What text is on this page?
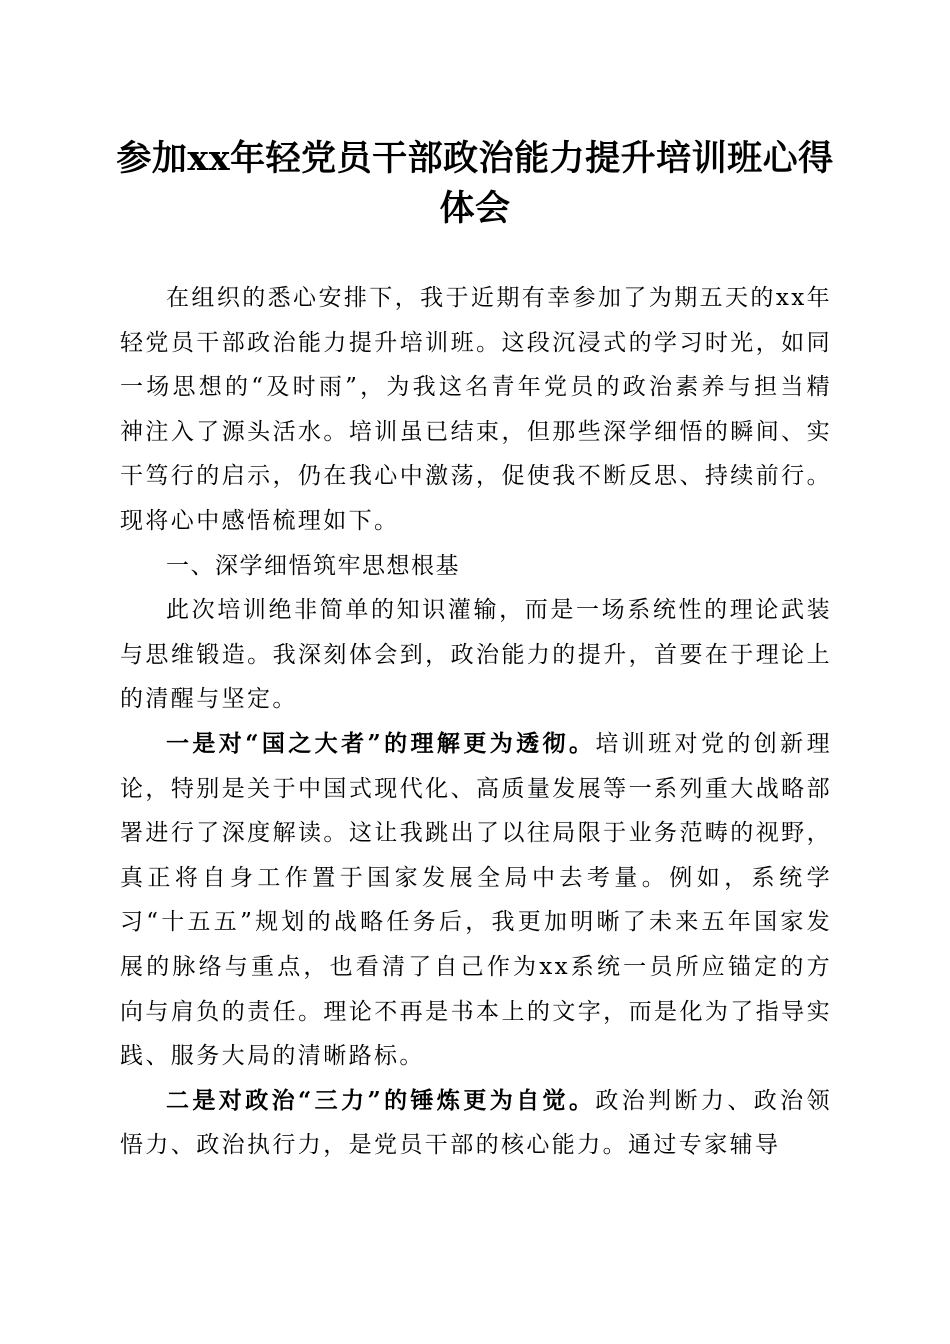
参加xx年轻党员干部政治能力提升培训班心得体会

在组织的悉心安排下，我于近期有幸参加了为期五天的xx年轻党员干部政治能力提升培训班。这段沉浸式的学习时光，如同一场思想的“及时雨”，为我这名青年党员的政治素养与担当精神注入了源头活水。培训虽已结束，但那些深学细悟的瞬间、实干笃行的启示，仍在我心中激荡，促使我不断反思、持续前行。现将心中感悟梳理如下。

一、深学细悟筑牢思想根基

此次培训绝非简单的知识灌输，而是一场系统性的理论武装与思维锻造。我深刻体会到，政治能力的提升，首要在于理论上的清醒与坚定。

一是对“国之大者”的理解更为透彻。培训班对党的创新理论，特别是关于中国式现代化、高质量发展等一系列重大战略部署进行了深度解读。这让我跳出了以往局限于业务范畴的视野，真正将自身工作置于国家发展全局中去考量。例如，系统学习“十五五”规划的战略任务后，我更加明晰了未来五年国家发展的脉络与重点，也看清了自己作为xx系统一员所应锚定的方向与肩负的责任。理论不再是书本上的文字，而是化为了指导实践、服务大局的清晰路标。

二是对政治“三力”的锤炼更为自觉。政治判断力、政治领悟力、政治执行力，是党员干部的核心能力。通过专家辅导
